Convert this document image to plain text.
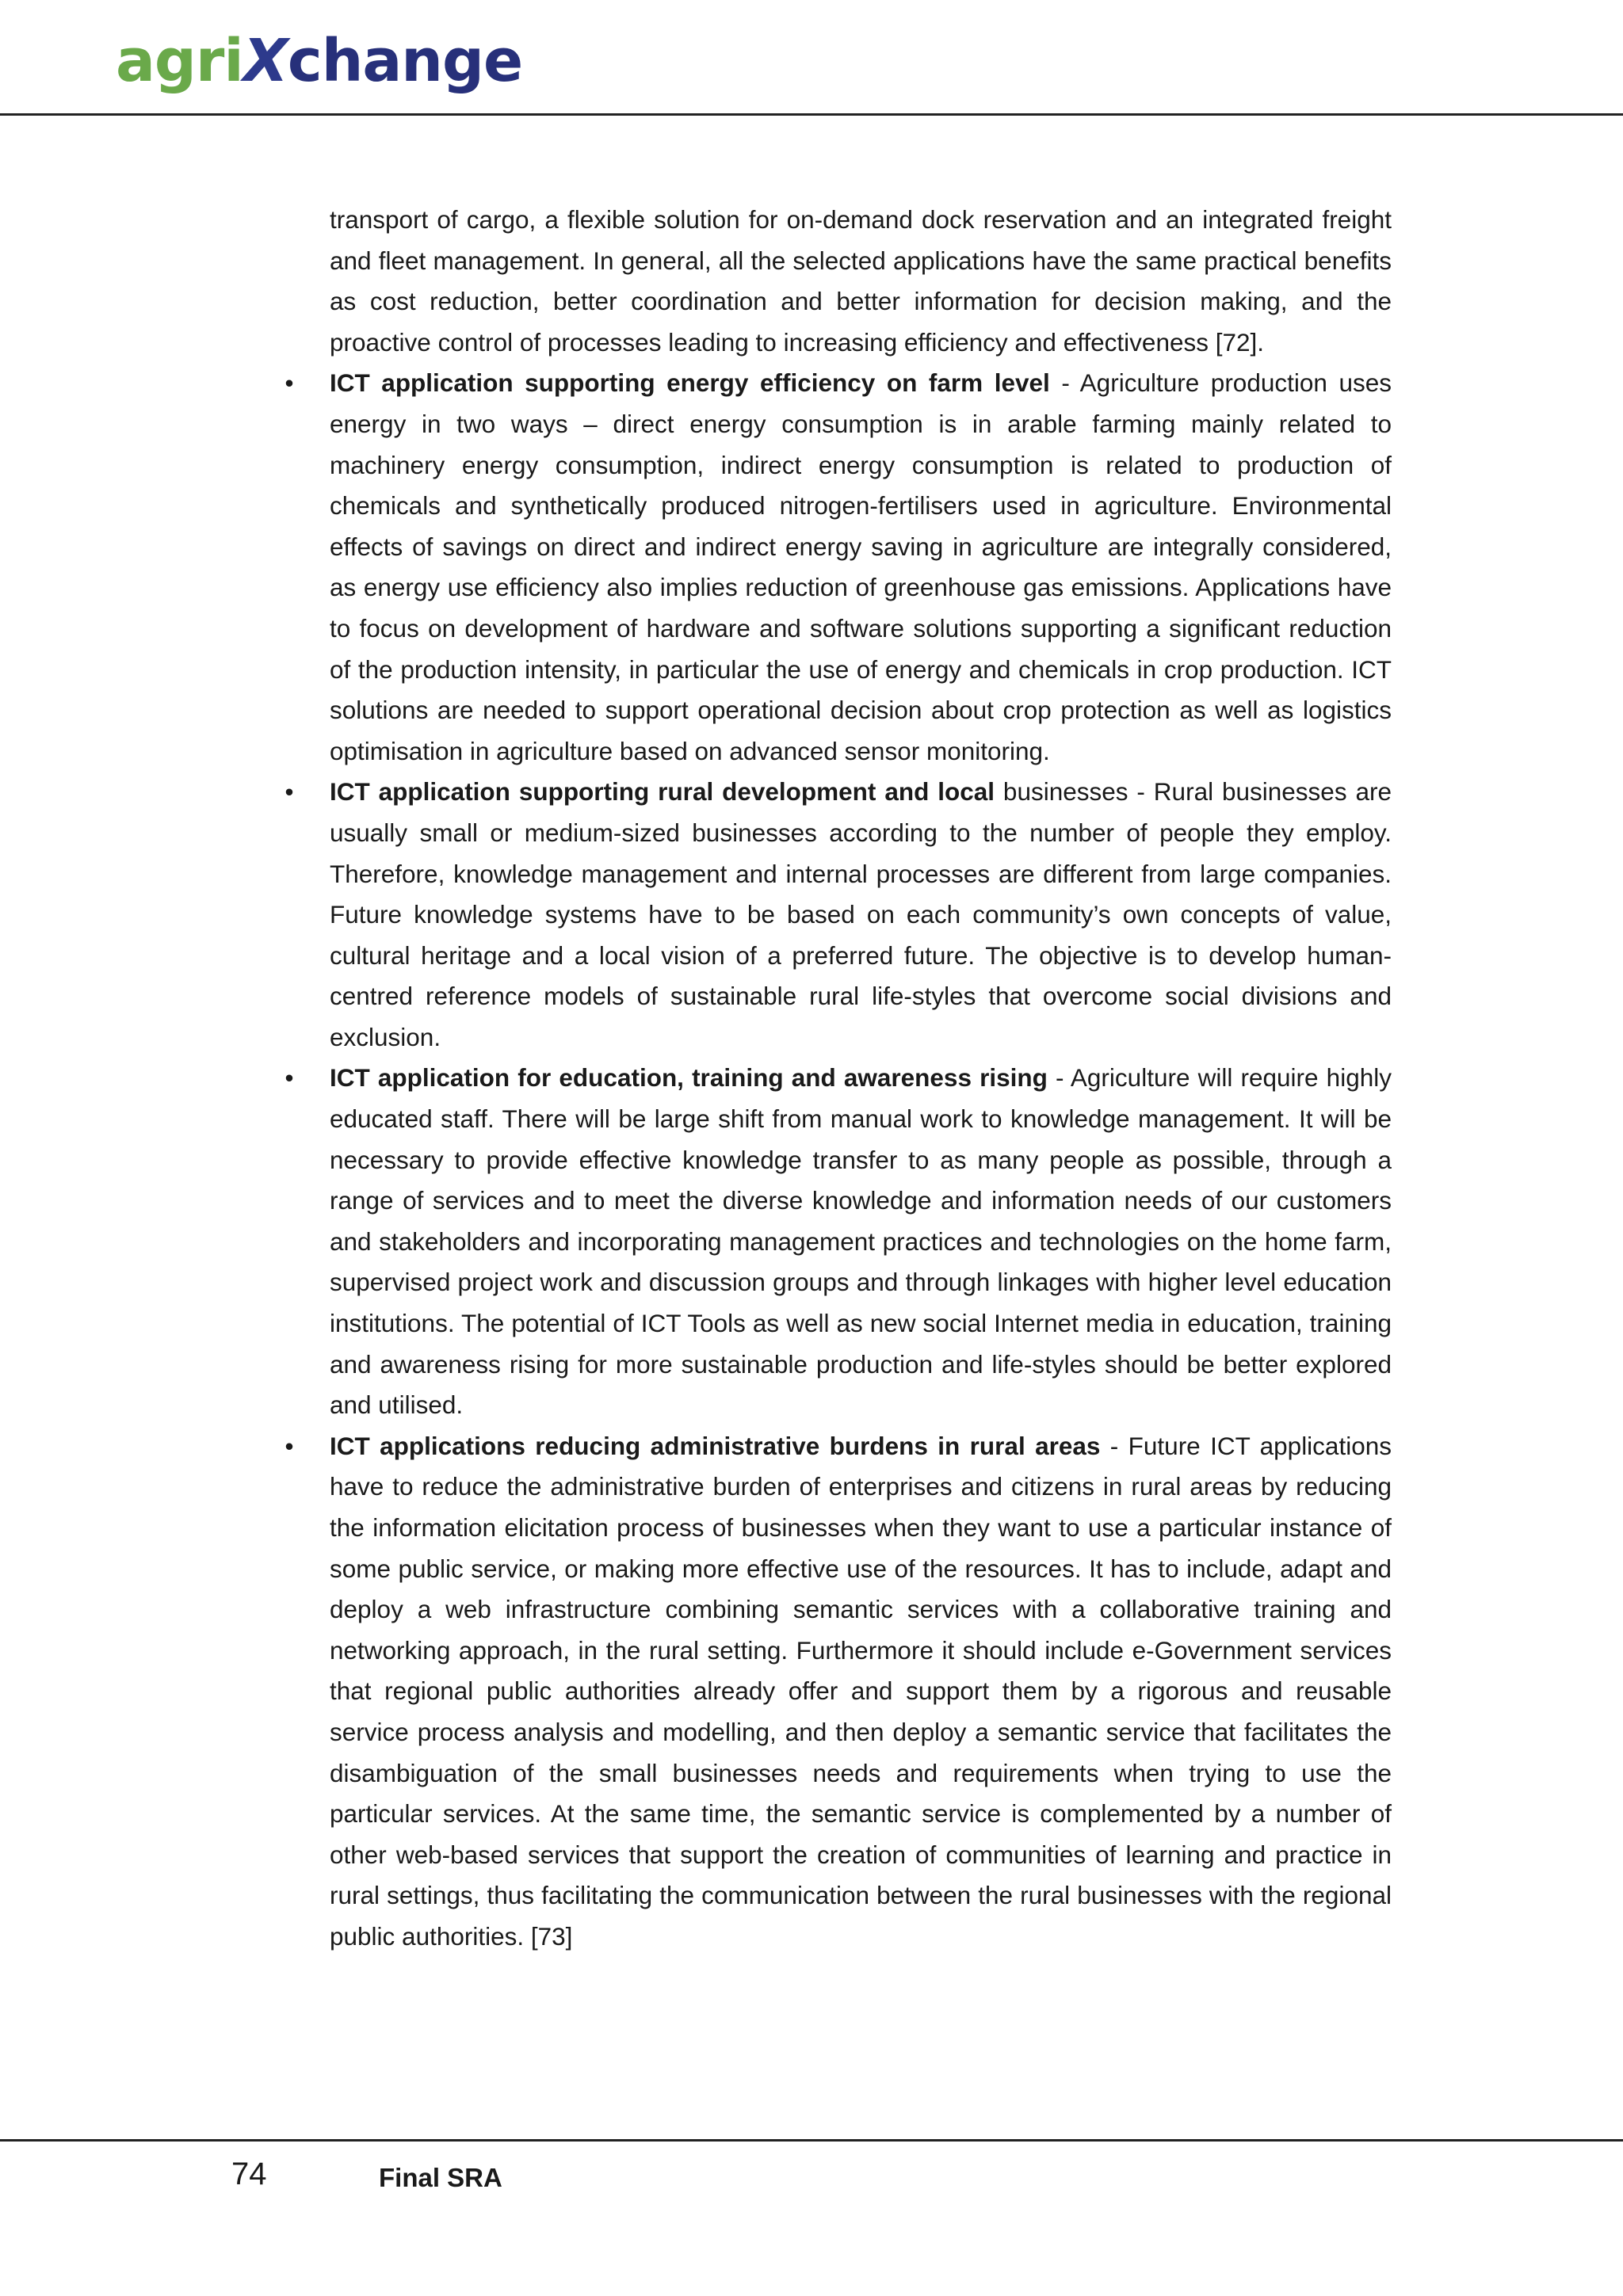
agriXchange

transport of cargo, a flexible solution for on-demand dock reservation and an integrated freight and fleet management. In general, all the selected applications have the same practical benefits as cost reduction, better coordination and better information for decision making, and the proactive control of processes leading to increasing efficiency and effectiveness [72].

• ICT application supporting energy efficiency on farm level - Agriculture production uses energy in two ways – direct energy consumption is in arable farming mainly related to machinery energy consumption, indirect energy consumption is related to production of chemicals and synthetically produced nitrogen-fertilisers used in agriculture. Environmental effects of savings on direct and indirect energy saving in agriculture are integrally considered, as energy use efficiency also implies reduction of greenhouse gas emissions. Applications have to focus on development of hardware and software solutions supporting a significant reduction of the production intensity, in particular the use of energy and chemicals in crop production. ICT solutions are needed to support operational decision about crop protection as well as logistics optimisation in agriculture based on advanced sensor monitoring.

• ICT application supporting rural development and local businesses - Rural businesses are usually small or medium-sized businesses according to the number of people they employ. Therefore, knowledge management and internal processes are different from large companies. Future knowledge systems have to be based on each community’s own concepts of value, cultural heritage and a local vision of a preferred future. The objective is to develop human-centred reference models of sustainable rural life-styles that overcome social divisions and exclusion.

• ICT application for education, training and awareness rising - Agriculture will require highly educated staff. There will be large shift from manual work to knowledge management. It will be necessary to provide effective knowledge transfer to as many people as possible, through a range of services and to meet the diverse knowledge and information needs of our customers and stakeholders and incorporating management practices and technologies on the home farm, supervised project work and discussion groups and through linkages with higher level education institutions. The potential of ICT Tools as well as new social Internet media in education, training and awareness rising for more sustainable production and life-styles should be better explored and utilised.

• ICT applications reducing administrative burdens in rural areas - Future ICT applications have to reduce the administrative burden of enterprises and citizens in rural areas by reducing the information elicitation process of businesses when they want to use a particular instance of some public service, or making more effective use of the resources. It has to include, adapt and deploy a web infrastructure combining semantic services with a collaborative training and networking approach, in the rural setting. Furthermore it should include e-Government services that regional public authorities already offer and support them by a rigorous and reusable service process analysis and modelling, and then deploy a semantic service that facilitates the disambiguation of the small businesses needs and requirements when trying to use the particular services. At the same time, the semantic service is complemented by a number of other web-based services that support the creation of communities of learning and practice in rural settings, thus facilitating the communication between the rural businesses with the regional public authorities. [73]

74	Final SRA
